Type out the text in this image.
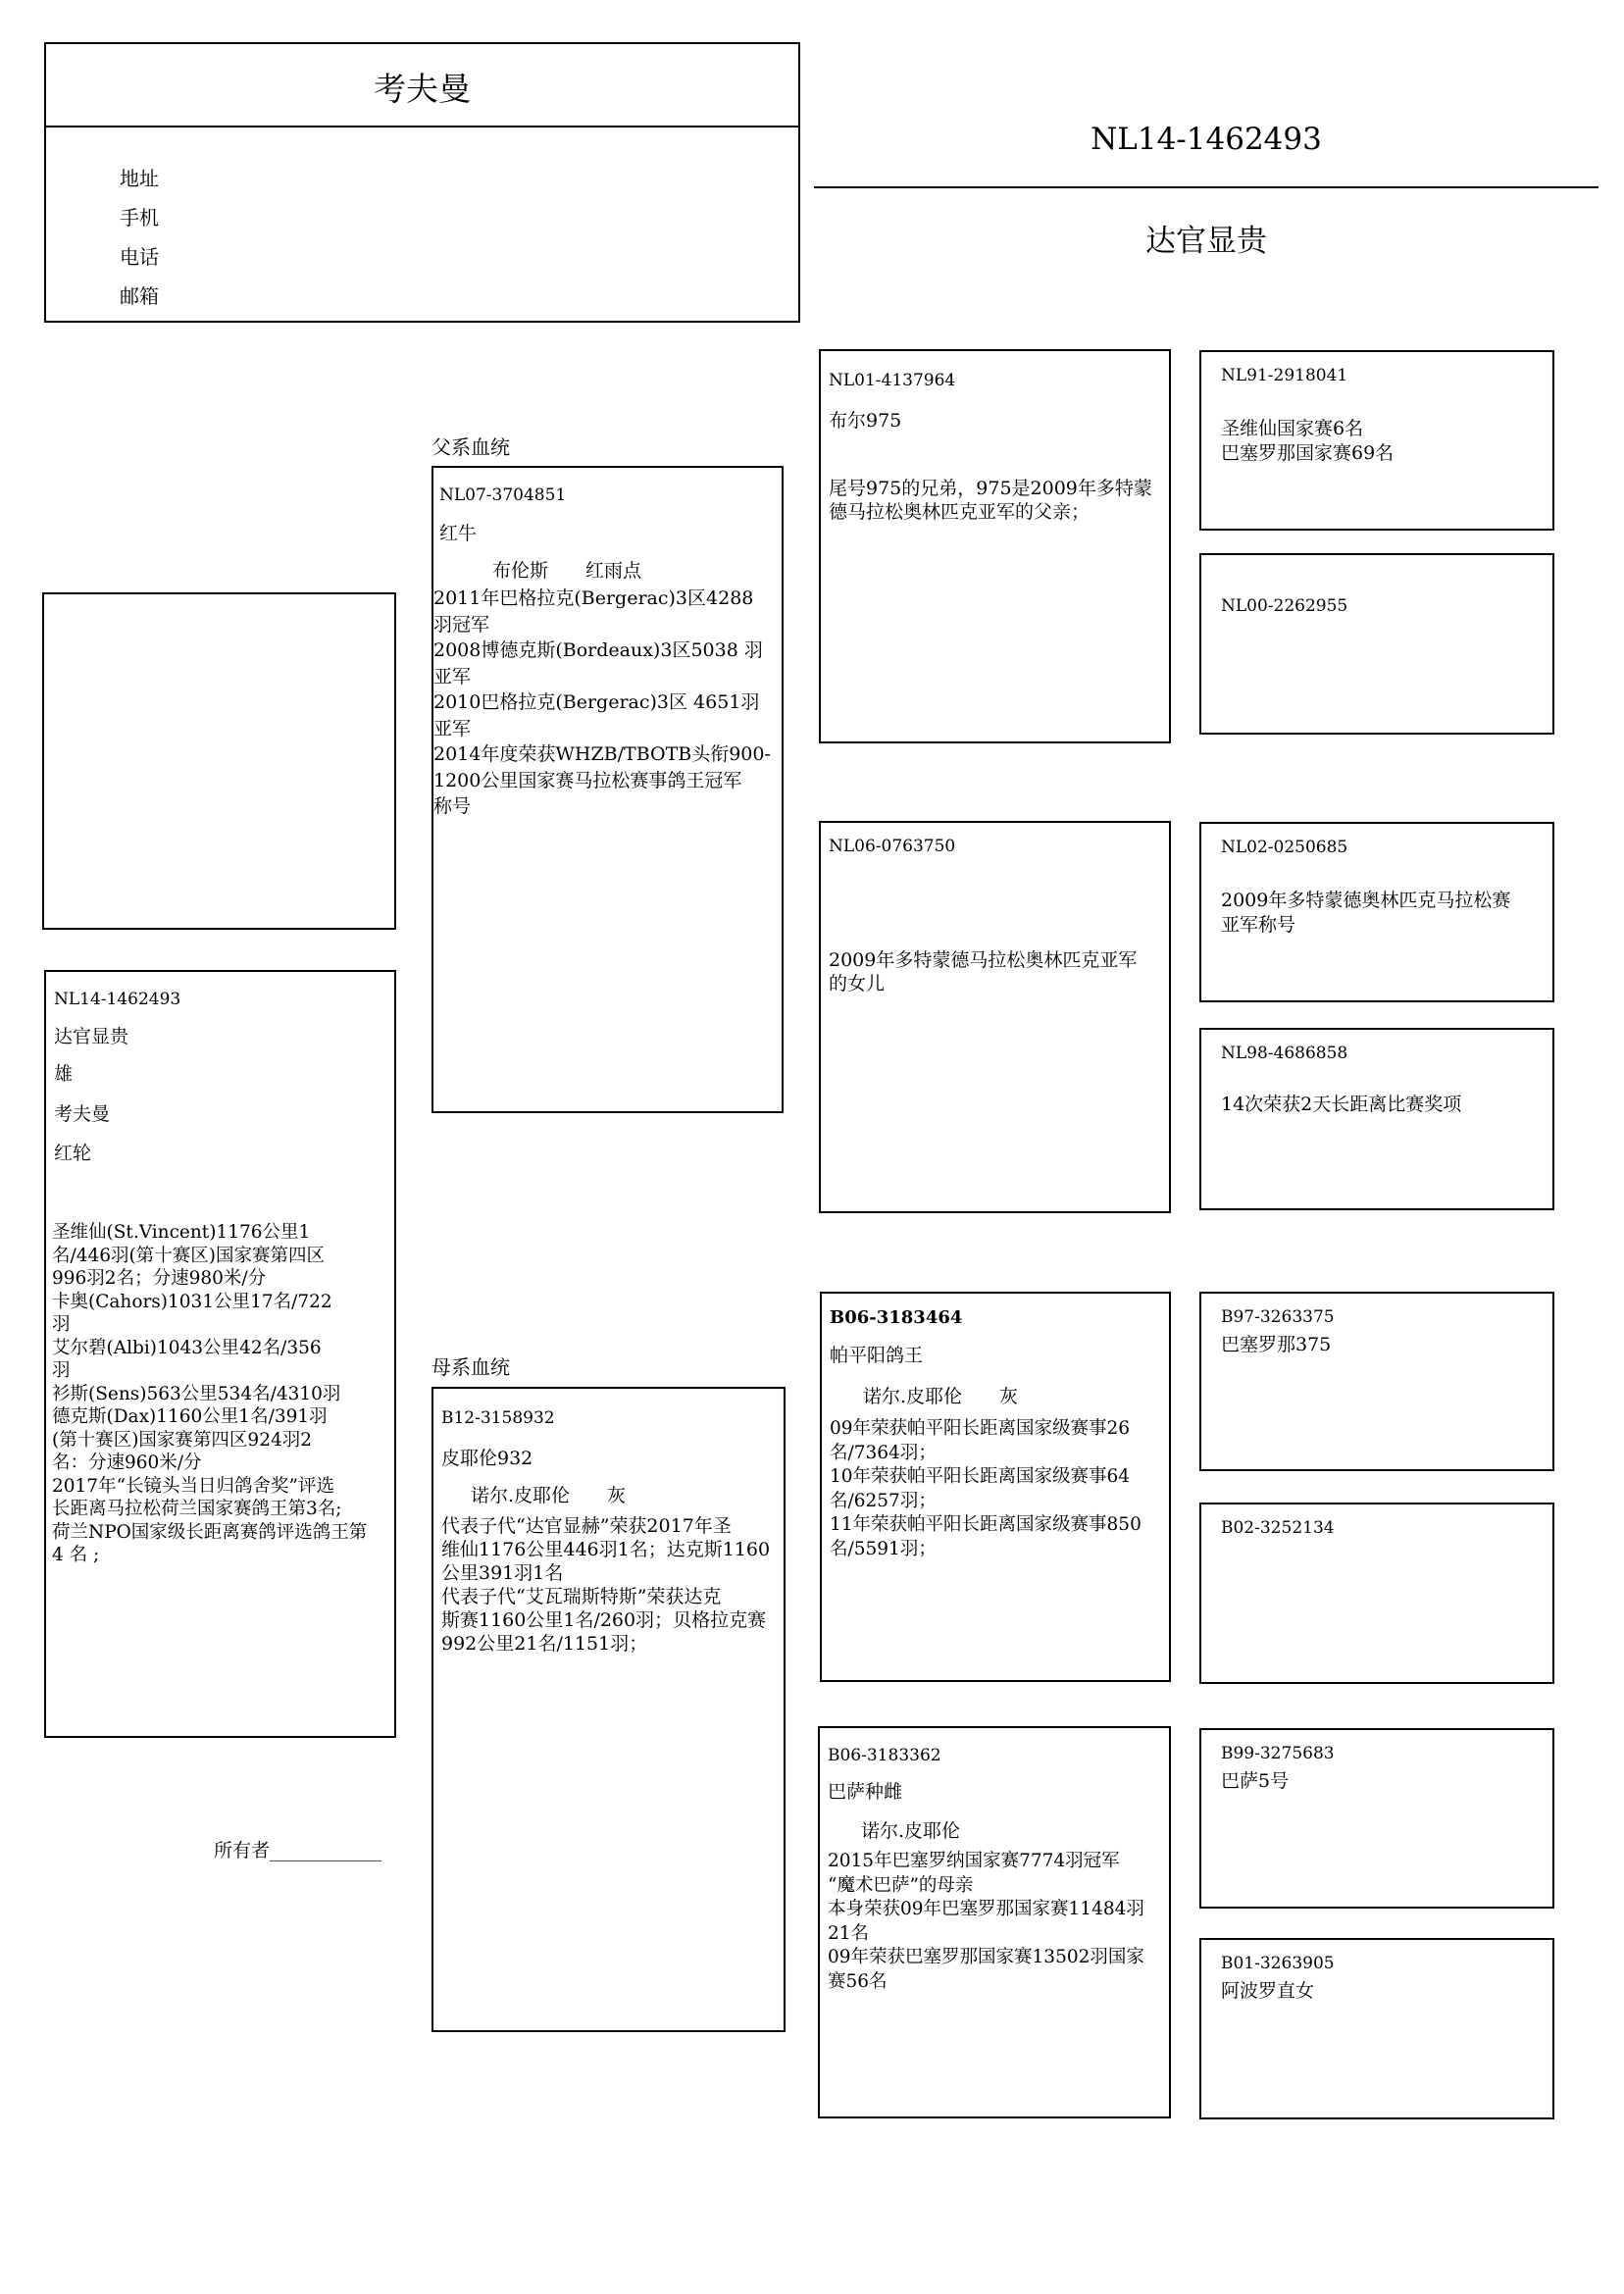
考夫曼
地址
手机
电话
邮箱
NL14-1462493
达官显贵
NL14-1462493
达官显贵
雄
考夫曼
红轮
圣维仙(St.Vincent)1176公里1
名/446羽(第十赛区)国家赛第四区
996羽2名；分速980米/分
卡奥(Cahors)1031公里17名/722
羽
艾尔碧(Albi)1043公里42名/356
羽
衫斯(Sens)563公里534名/4310羽
德克斯(Dax)1160公里1名/391羽
(第十赛区)国家赛第四区924羽2
名：分速960米/分
2017年“长镜头当日归鸽舍奖”评选
长距离马拉松荷兰国家赛鸽王第3名;
荷兰NPO国家级长距离赛鸽评选鸽王第
4 名 ;
所有者____________
父系血统
母系血统
NL07-3704851
红牛
布伦斯　　红雨点
2011年巴格拉克(Bergerac)3区4288
羽冠军
2008博德克斯(Bordeaux)3区5038 羽
亚军
2010巴格拉克(Bergerac)3区 4651羽
亚军
2014年度荣获WHZB/TBOTB头衔900-
1200公里国家赛马拉松赛事鸽王冠军
称号
B12-3158932
皮耶伦932
诺尔.皮耶伦　　灰
代表子代“达官显赫”荣获2017年圣
维仙1176公里446羽1名；达克斯1160
公里391羽1名
代表子代“艾瓦瑞斯特斯”荣获达克
斯赛1160公里1名/260羽；贝格拉克赛
992公里21名/1151羽；
NL01-4137964
布尔975
尾号975的兄弟，975是2009年多特蒙
德马拉松奥林匹克亚军的父亲；
NL06-0763750
2009年多特蒙德马拉松奥林匹克亚军
的女儿
B06-3183464
帕平阳鸽王
诺尔.皮耶伦　　灰
09年荣获帕平阳长距离国家级赛事26
名/7364羽；
10年荣获帕平阳长距离国家级赛事64
名/6257羽；
11年荣获帕平阳长距离国家级赛事850
名/5591羽；
B06-3183362
巴萨种雌
诺尔.皮耶伦
2015年巴塞罗纳国家赛7774羽冠军
“魔术巴萨”的母亲
本身荣获09年巴塞罗那国家赛11484羽
21名
09年荣获巴塞罗那国家赛13502羽国家
赛56名
NL91-2918041
圣维仙国家赛6名
巴塞罗那国家赛69名
NL00-2262955
NL02-0250685
2009年多特蒙德奥林匹克马拉松赛
亚军称号
NL98-4686858
14次荣获2天长距离比赛奖项
B97-3263375
巴塞罗那375
B02-3252134
B99-3275683
巴萨5号
B01-3263905
阿波罗直女
